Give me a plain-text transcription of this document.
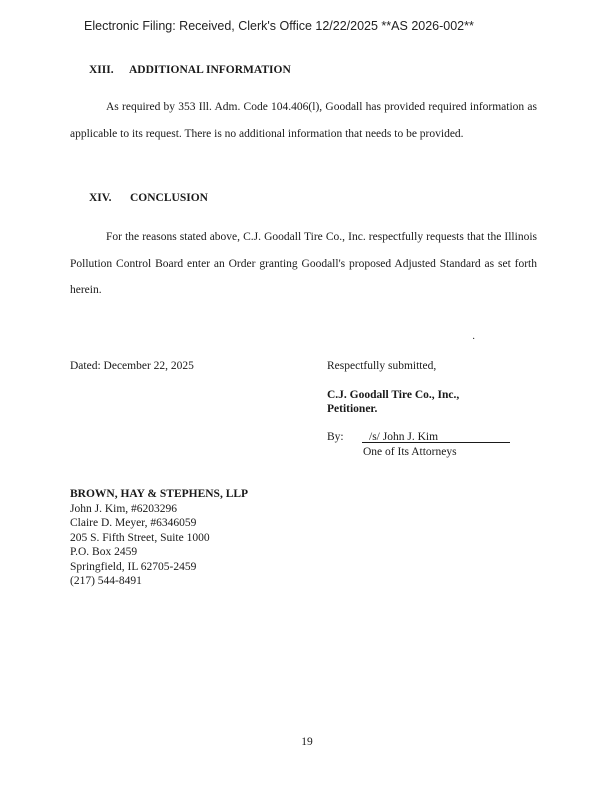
Electronic Filing: Received, Clerk's Office 12/22/2025 **AS 2026-002**
XIII. ADDITIONAL INFORMATION
As required by 353 Ill. Adm. Code 104.406(l), Goodall has provided required information as applicable to its request. There is no additional information that needs to be provided.
XIV. CONCLUSION
For the reasons stated above, C.J. Goodall Tire Co., Inc. respectfully requests that the Illinois Pollution Control Board enter an Order granting Goodall's proposed Adjusted Standard as set forth herein.
·
Dated: December 22, 2025	Respectfully submitted,
C.J. Goodall Tire Co., Inc.,
Petitioner.
By: /s/ John J. Kim
One of Its Attorneys
BROWN, HAY & STEPHENS, LLP
John J. Kim, #6203296
Claire D. Meyer, #6346059
205 S. Fifth Street, Suite 1000
P.O. Box 2459
Springfield, IL 62705-2459
(217) 544-8491
19
